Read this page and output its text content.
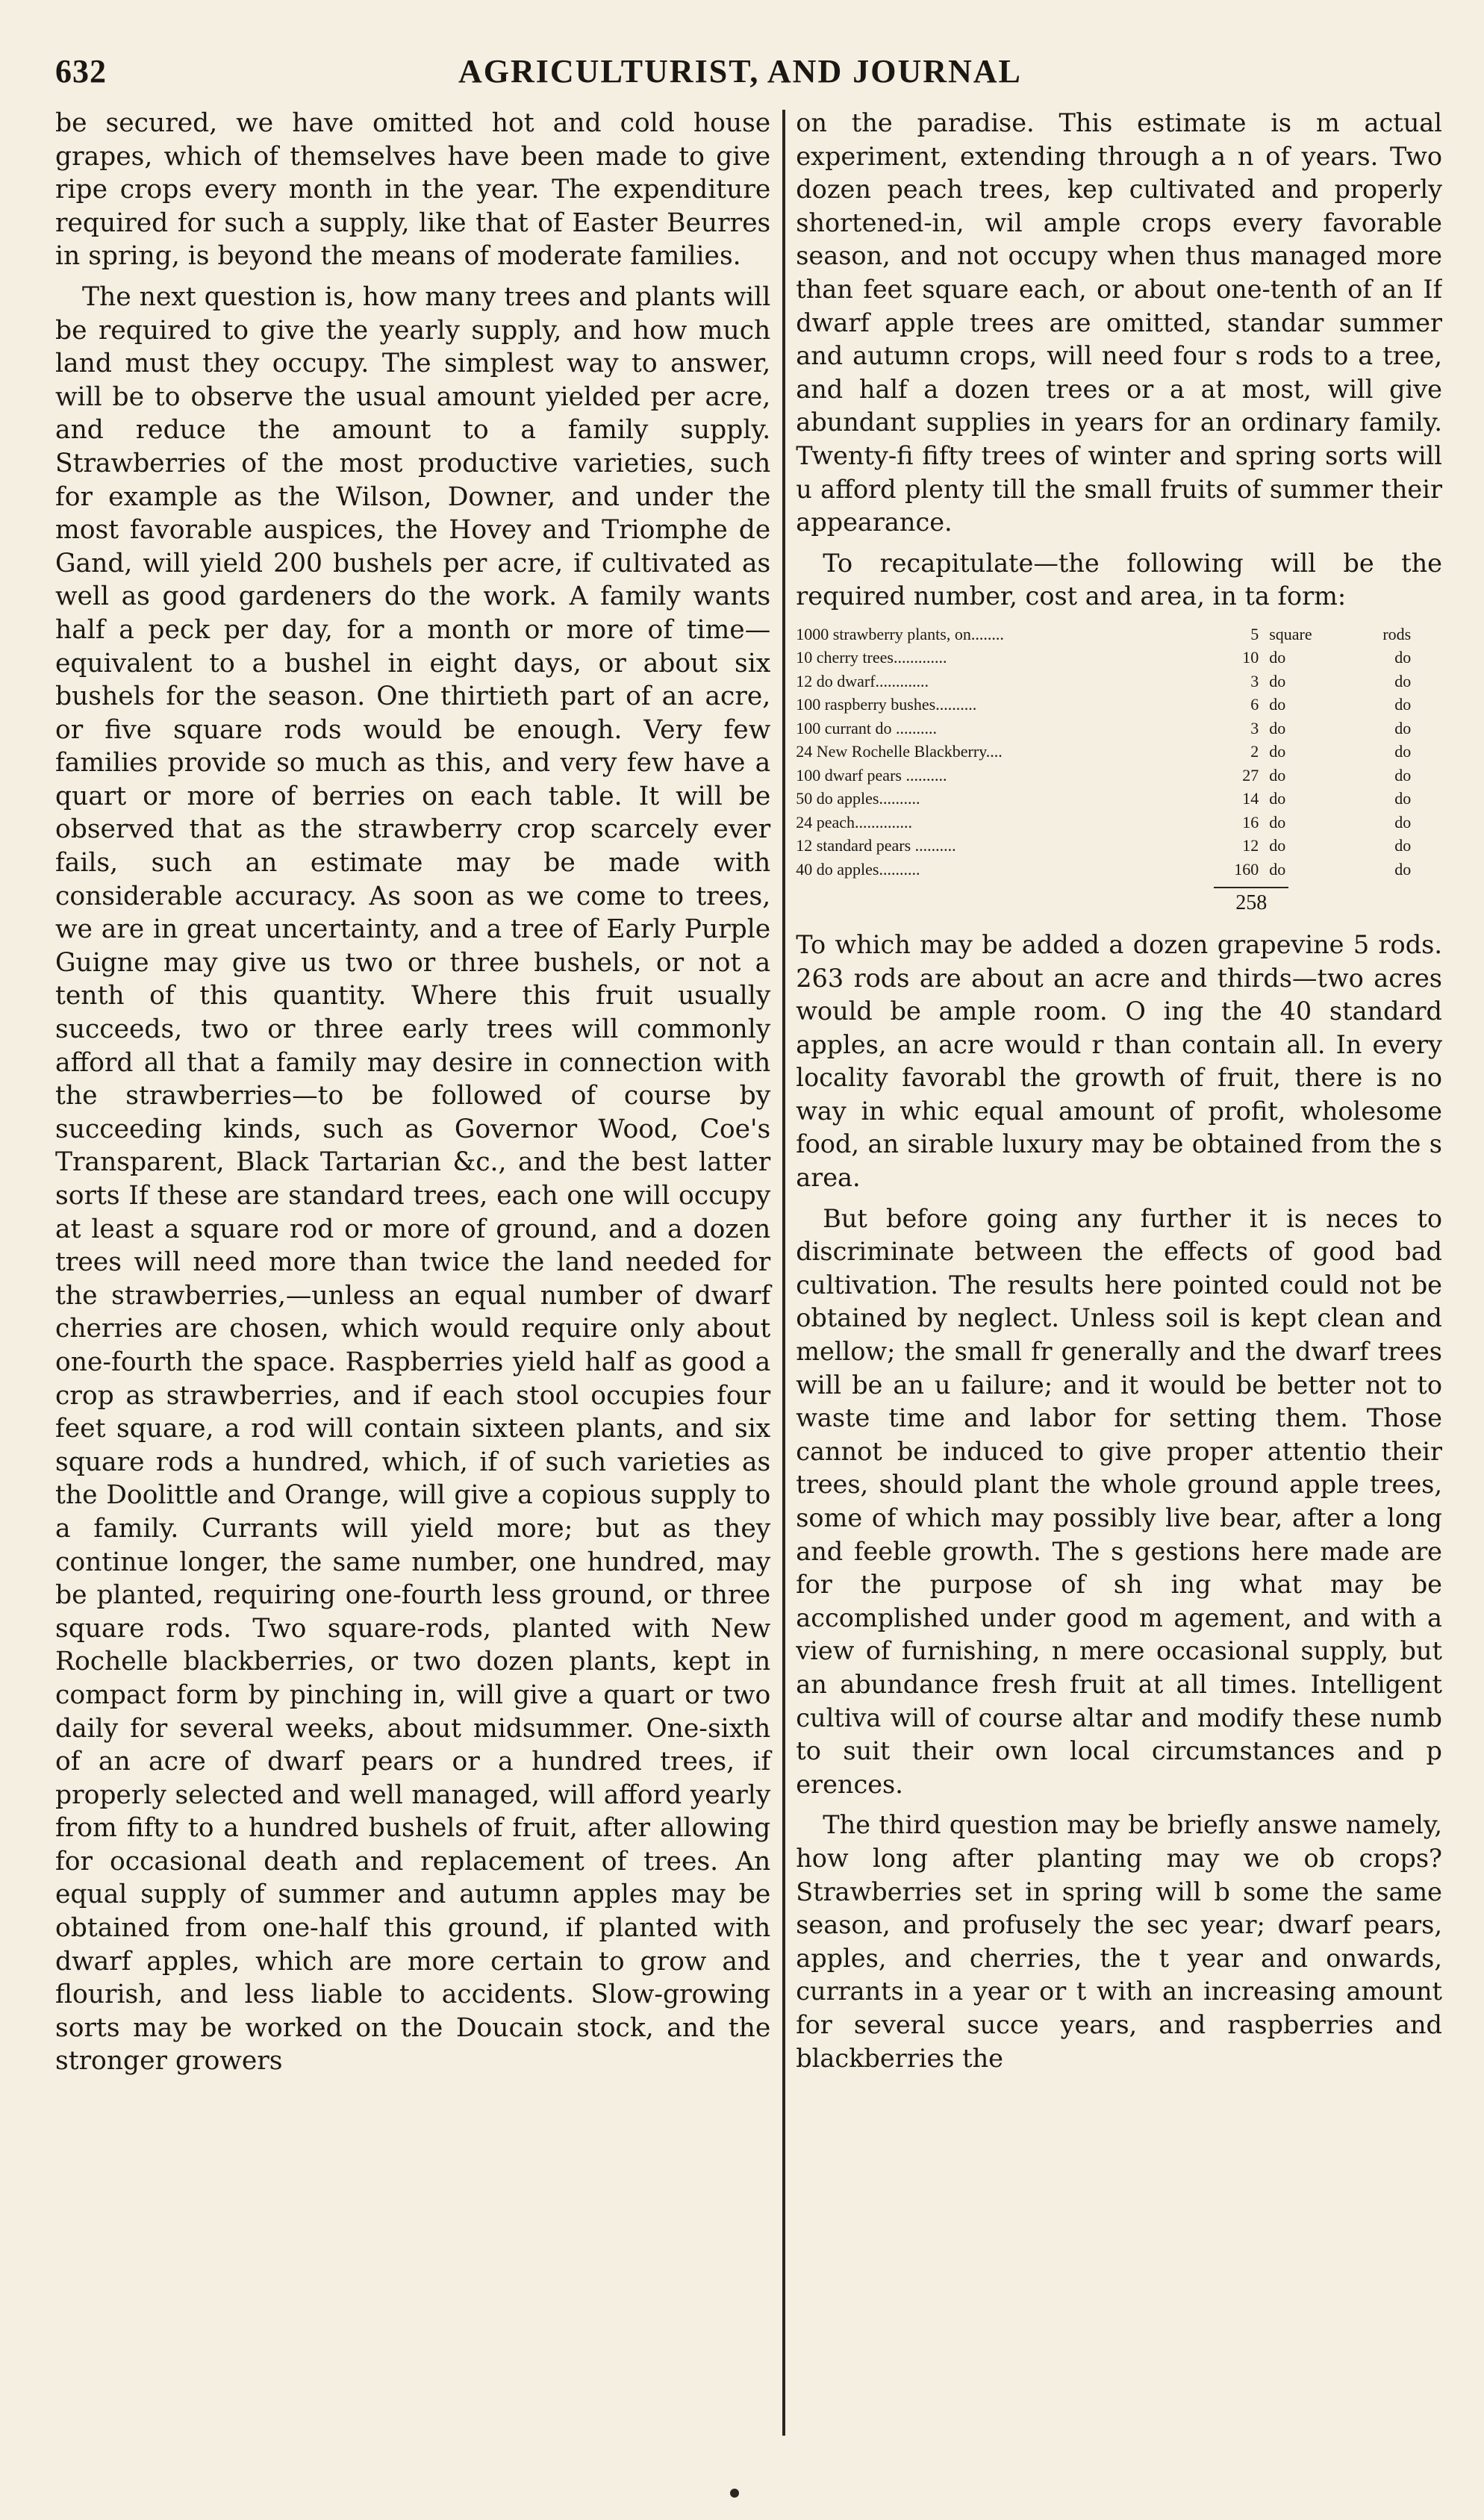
632	AGRICULTURIST, AND JOURNAL

be secured, we have omitted hot and cold house grapes, which of themselves have been made to give ripe crops every month in the year. The expenditure required for such a supply, like that of Easter Beurres in spring, is beyond the means of moderate families.

The next question is, how many trees and plants will be required to give the yearly supply, and how much land must they occupy. The simplest way to answer, will be to observe the usual amount yielded per acre, and reduce the amount to a family supply. Strawberries of the most productive varieties, such for example as the Wilson, Downer, and under the most favorable auspices, the Hovey and Triomphe de Gand, will yield 200 bushels per acre, if cultivated as well as good gardeners do the work. A family wants half a peck per day, for a month or more of time—equivalent to a bushel in eight days, or about six bushels for the season. One thirtieth part of an acre, or five square rods would be enough. Very few families provide so much as this, and very few have a quart or more of berries on each table. It will be observed that as the strawberry crop scarcely ever fails, such an estimate may be made with considerable accuracy. As soon as we come to trees, we are in great uncertainty, and a tree of Early Purple Guigne may give us two or three bushels, or not a tenth of this quantity. Where this fruit usually succeeds, two or three early trees will commonly afford all that a family may desire in connection with the strawberries—to be followed of course by succeeding kinds, such as Governor Wood, Coe's Transparent, Black Tartarian &c., and the best latter sorts If these are standard trees, each one will occupy at least a square rod or more of ground, and a dozen trees will need more than twice the land needed for the strawberries,—unless an equal number of dwarf cherries are chosen, which would require only about one-fourth the space. Raspberries yield half as good a crop as strawberries, and if each stool occupies four feet square, a rod will contain sixteen plants, and six square rods a hundred, which, if of such varieties as the Doolittle and Orange, will give a copious supply to a family. Currants will yield more; but as they continue longer, the same number, one hundred, may be planted, requiring one-fourth less ground, or three square rods. Two square-rods, planted with New Rochelle blackberries, or two dozen plants, kept in compact form by pinching in, will give a quart or two daily for several weeks, about midsummer. One-sixth of an acre of dwarf pears or a hundred trees, if properly selected and well managed, will afford yearly from fifty to a hundred bushels of fruit, after allowing for occasional death and replacement of trees. An equal supply of summer and autumn apples may be obtained from one-half this ground, if planted with dwarf apples, which are more certain to grow and flourish, and less liable to accidents. Slow-growing sorts may be worked on the Doucain stock, and the stronger growers

on the paradise. This estimate is m actual experiment, extending through a n of years. Two dozen peach trees, kep cultivated and properly shortened-in, wil ample crops every favorable season, and not occupy when thus managed more than feet square each, or about one-tenth of an If dwarf apple trees are omitted, standar summer and autumn crops, will need four s rods to a tree, and half a dozen trees or a at most, will give abundant supplies in years for an ordinary family. Twenty-fi fifty trees of winter and spring sorts will u afford plenty till the small fruits of summer their appearance.

To recapitulate—the following will be the required number, cost and area, in ta form:

1000 strawberry plants, on........	5 square	rods
10 cherry trees.............	10 do	do
12 do dwarf.............	3 do	do
100 raspberry bushes..........	6 do	do
100 currant do ..........	3 do	do
24 New Rochelle Blackberry....	2 do	do
100 dwarf pears ..........	27 do	do
50 do apples..........	14 do	do
24 peach..............	16 do	do
12 standard pears ..........	12 do	do
40 do apples..........	160 do	do
258

To which may be added a dozen grapevine 5 rods. 263 rods are about an acre and thirds—two acres would be ample room. O ing the 40 standard apples, an acre would r than contain all. In every locality favorabl the growth of fruit, there is no way in whic equal amount of profit, wholesome food, an sirable luxury may be obtained from the s area.

But before going any further it is neces to discriminate between the effects of good bad cultivation. The results here pointed could not be obtained by neglect. Unless soil is kept clean and mellow; the small fr generally and the dwarf trees will be an u failure; and it would be better not to waste time and labor for setting them. Those cannot be induced to give proper attentio their trees, should plant the whole ground apple trees, some of which may possibly live bear, after a long and feeble growth. The s gestions here made are for the purpose of sh ing what may be accomplished under good m agement, and with a view of furnishing, n mere occasional supply, but an abundance fresh fruit at all times. Intelligent cultiva will of course altar and modify these numb to suit their own local circumstances and p erences.

The third question may be briefly answe namely, how long after planting may we ob crops? Strawberries set in spring will b some the same season, and profusely the sec year; dwarf pears, apples, and cherries, the t year and onwards, currants in a year or t with an increasing amount for several succe years, and raspberries and blackberries the
